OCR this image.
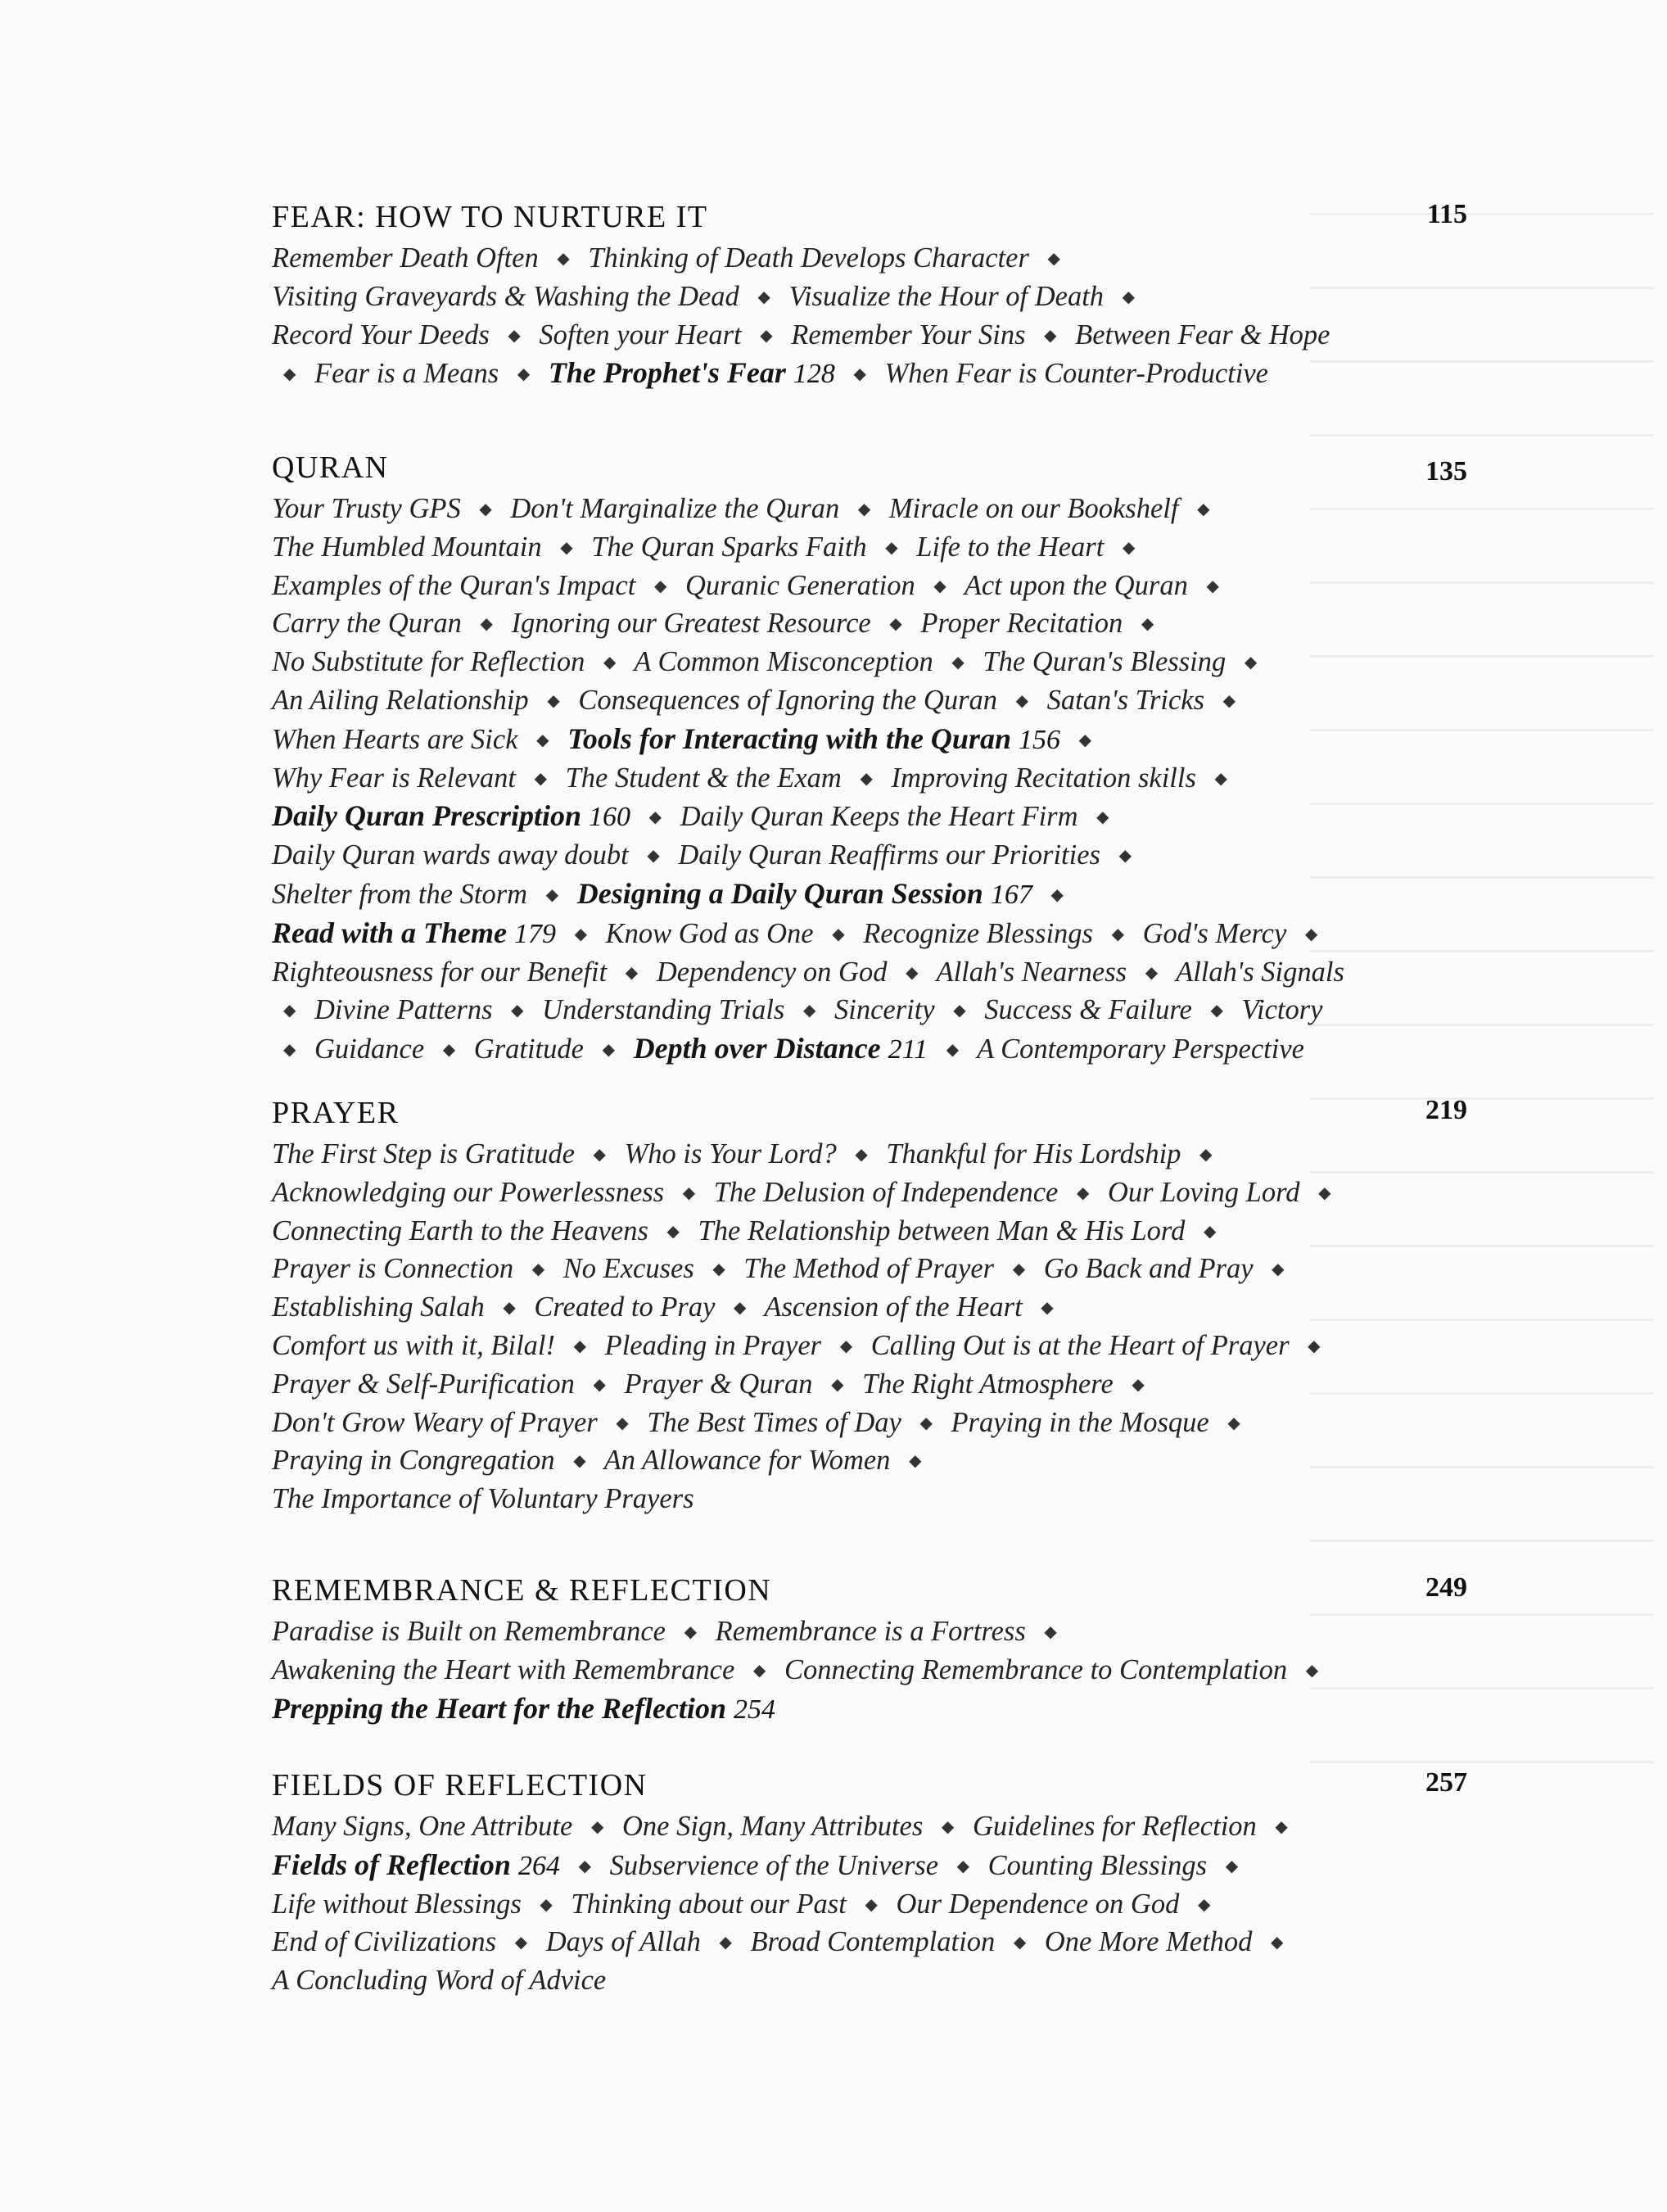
FEAR: HOW TO NURTURE IT	115
Remember Death Often ◆ Thinking of Death Develops Character ◆ Visiting Graveyards & Washing the Dead ◆ Visualize the Hour of Death ◆ Record Your Deeds ◆ Soften your Heart ◆ Remember Your Sins ◆ Between Fear & Hope ◆ Fear is a Means ◆ The Prophet's Fear 128 ◆ When Fear is Counter-Productive
QURAN	135
Your Trusty GPS ◆ Don't Marginalize the Quran ◆ Miracle on our Bookshelf ◆ The Humbled Mountain ◆ The Quran Sparks Faith ◆ Life to the Heart ◆ Examples of the Quran's Impact ◆ Quranic Generation ◆ Act upon the Quran ◆ Carry the Quran ◆ Ignoring our Greatest Resource ◆ Proper Recitation ◆ No Substitute for Reflection ◆ A Common Misconception ◆ The Quran's Blessing ◆ An Ailing Relationship ◆ Consequences of Ignoring the Quran ◆ Satan's Tricks ◆ When Hearts are Sick ◆ Tools for Interacting with the Quran 156 ◆ Why Fear is Relevant ◆ The Student & the Exam ◆ Improving Recitation skills ◆ Daily Quran Prescription 160 ◆ Daily Quran Keeps the Heart Firm ◆ Daily Quran wards away doubt ◆ Daily Quran Reaffirms our Priorities ◆ Shelter from the Storm ◆ Designing a Daily Quran Session 167 ◆ Read with a Theme 179 ◆ Know God as One ◆ Recognize Blessings ◆ God's Mercy ◆ Righteousness for our Benefit ◆ Dependency on God ◆ Allah's Nearness ◆ Allah's Signals ◆ Divine Patterns ◆ Understanding Trials ◆ Sincerity ◆ Success & Failure ◆ Victory ◆ Guidance ◆ Gratitude ◆ Depth over Distance 211 ◆ A Contemporary Perspective
PRAYER	219
The First Step is Gratitude ◆ Who is Your Lord? ◆ Thankful for His Lordship ◆ Acknowledging our Powerlessness ◆ The Delusion of Independence ◆ Our Loving Lord ◆ Connecting Earth to the Heavens ◆ The Relationship between Man & His Lord ◆ Prayer is Connection ◆ No Excuses ◆ The Method of Prayer ◆ Go Back and Pray ◆ Establishing Salah ◆ Created to Pray ◆ Ascension of the Heart ◆ Comfort us with it, Bilal! ◆ Pleading in Prayer ◆ Calling Out is at the Heart of Prayer ◆ Prayer & Self-Purification ◆ Prayer & Quran ◆ The Right Atmosphere ◆ Don't Grow Weary of Prayer ◆ The Best Times of Day ◆ Praying in the Mosque ◆ Praying in Congregation ◆ An Allowance for Women ◆ The Importance of Voluntary Prayers
REMEMBRANCE & REFLECTION	249
Paradise is Built on Remembrance ◆ Remembrance is a Fortress ◆ Awakening the Heart with Remembrance ◆ Connecting Remembrance to Contemplation ◆ Prepping the Heart for the Reflection 254
FIELDS OF REFLECTION	257
Many Signs, One Attribute ◆ One Sign, Many Attributes ◆ Guidelines for Reflection ◆ Fields of Reflection 264 ◆ Subservience of the Universe ◆ Counting Blessings ◆ Life without Blessings ◆ Thinking about our Past ◆ Our Dependence on God ◆ End of Civilizations ◆ Days of Allah ◆ Broad Contemplation ◆ One More Method ◆ A Concluding Word of Advice
